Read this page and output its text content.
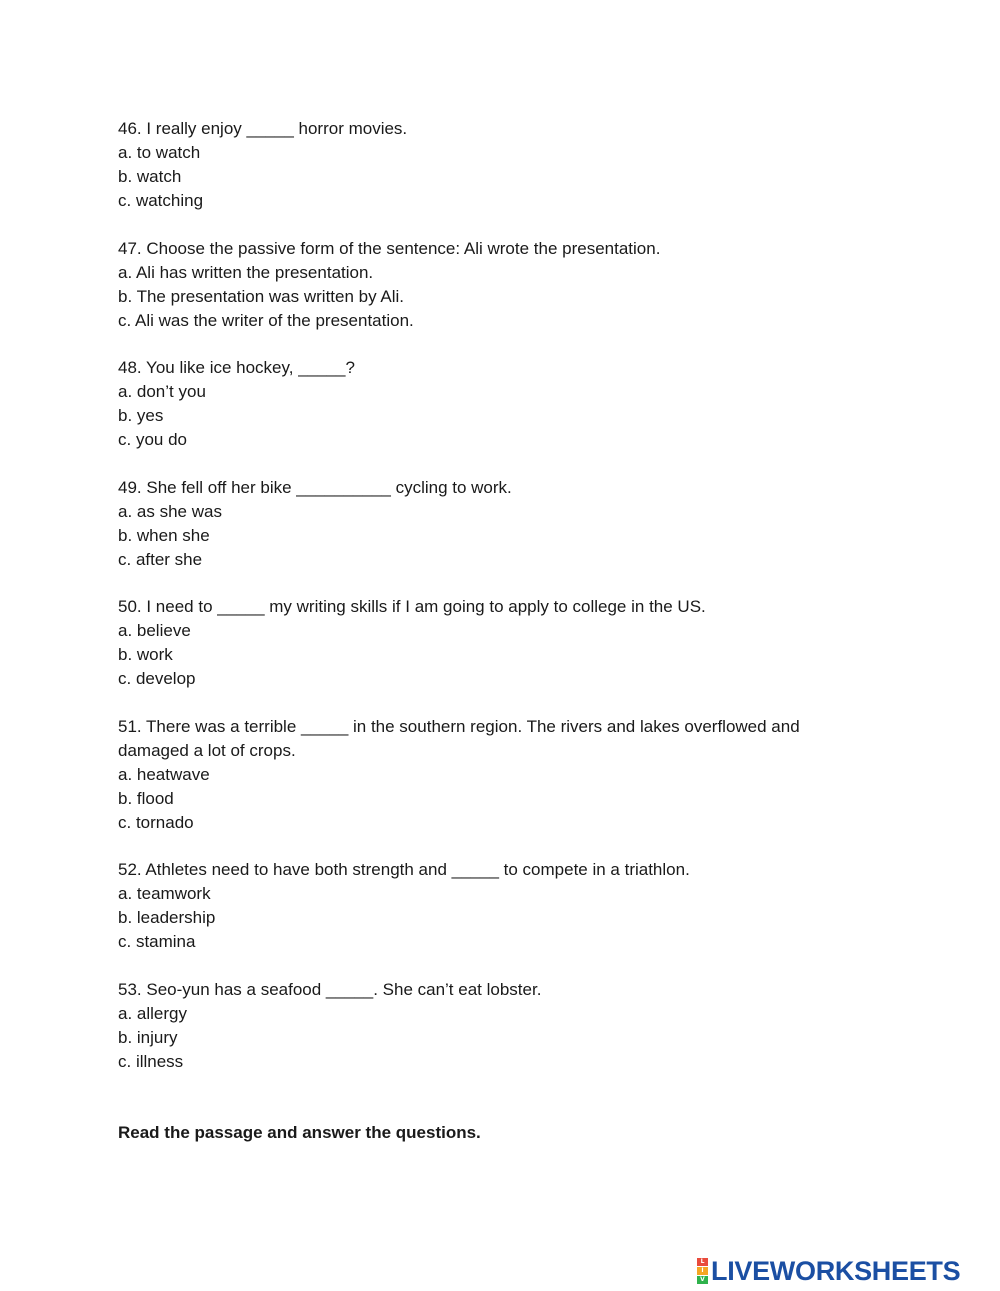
46. I really enjoy _____ horror movies.
a. to watch
b. watch
c. watching
47. Choose the passive form of the sentence: Ali wrote the presentation.
a. Ali has written the presentation.
b. The presentation was written by Ali.
c. Ali was the writer of the presentation.
48. You like ice hockey, _____?
a. don’t you
b. yes
c. you do
49. She fell off her bike __________ cycling to work.
a. as she was
b. when she
c. after she
50. I need to _____ my writing skills if I am going to apply to college in the US.
a. believe
b. work
c. develop
51. There was a terrible _____ in the southern region. The rivers and lakes overflowed and
damaged a lot of crops.
a. heatwave
b. flood
c. tornado
52. Athletes need to have both strength and _____ to compete in a triathlon.
a. teamwork
b. leadership
c. stamina
53. Seo-yun has a seafood _____. She can’t eat lobster.
a. allergy
b. injury
c. illness
Read the passage and answer the questions.
L
I
V LIVEWORKSHEETS
